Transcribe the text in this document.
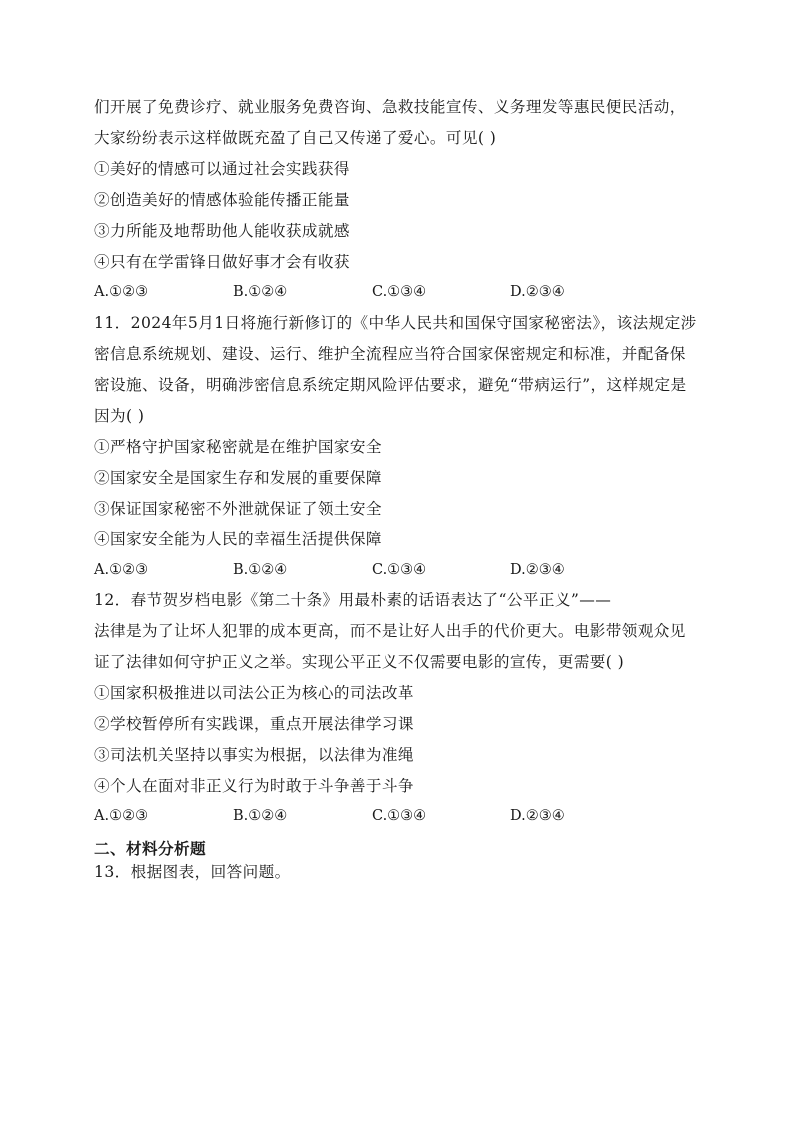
们开展了免费诊疗、就业服务免费咨询、急救技能宣传、义务理发等惠民便民活动，
大家纷纷表示这样做既充盈了自己又传递了爱心。可见( )
①美好的情感可以通过社会实践获得
②创造美好的情感体验能传播正能量
③力所能及地帮助他人能收获成就感
④只有在学雷锋日做好事才会有收获
A.①②③	B.①②④	C.①③④	D.②③④
11．2024年5月1日将施行新修订的《中华人民共和国保守国家秘密法》，该法规定涉
密信息系统规划、建设、运行、维护全流程应当符合国家保密规定和标准，并配备保
密设施、设备，明确涉密信息系统定期风险评估要求，避免“带病运行”，这样规定是
因为( )
①严格守护国家秘密就是在维护国家安全
②国家安全是国家生存和发展的重要保障
③保证国家秘密不外泄就保证了领土安全
④国家安全能为人民的幸福生活提供保障
A.①②③	B.①②④	C.①③④	D.②③④
12．春节贺岁档电影《第二十条》用最朴素的话语表达了“公平正义”——
法律是为了让坏人犯罪的成本更高，而不是让好人出手的代价更大。电影带领观众见
证了法律如何守护正义之举。实现公平正义不仅需要电影的宣传，更需要( )
①国家积极推进以司法公正为核心的司法改革
②学校暂停所有实践课，重点开展法律学习课
③司法机关坚持以事实为根据，以法律为准绳
④个人在面对非正义行为时敢于斗争善于斗争
A.①②③	B.①②④	C.①③④	D.②③④
二、材料分析题
13．根据图表，回答问题。
